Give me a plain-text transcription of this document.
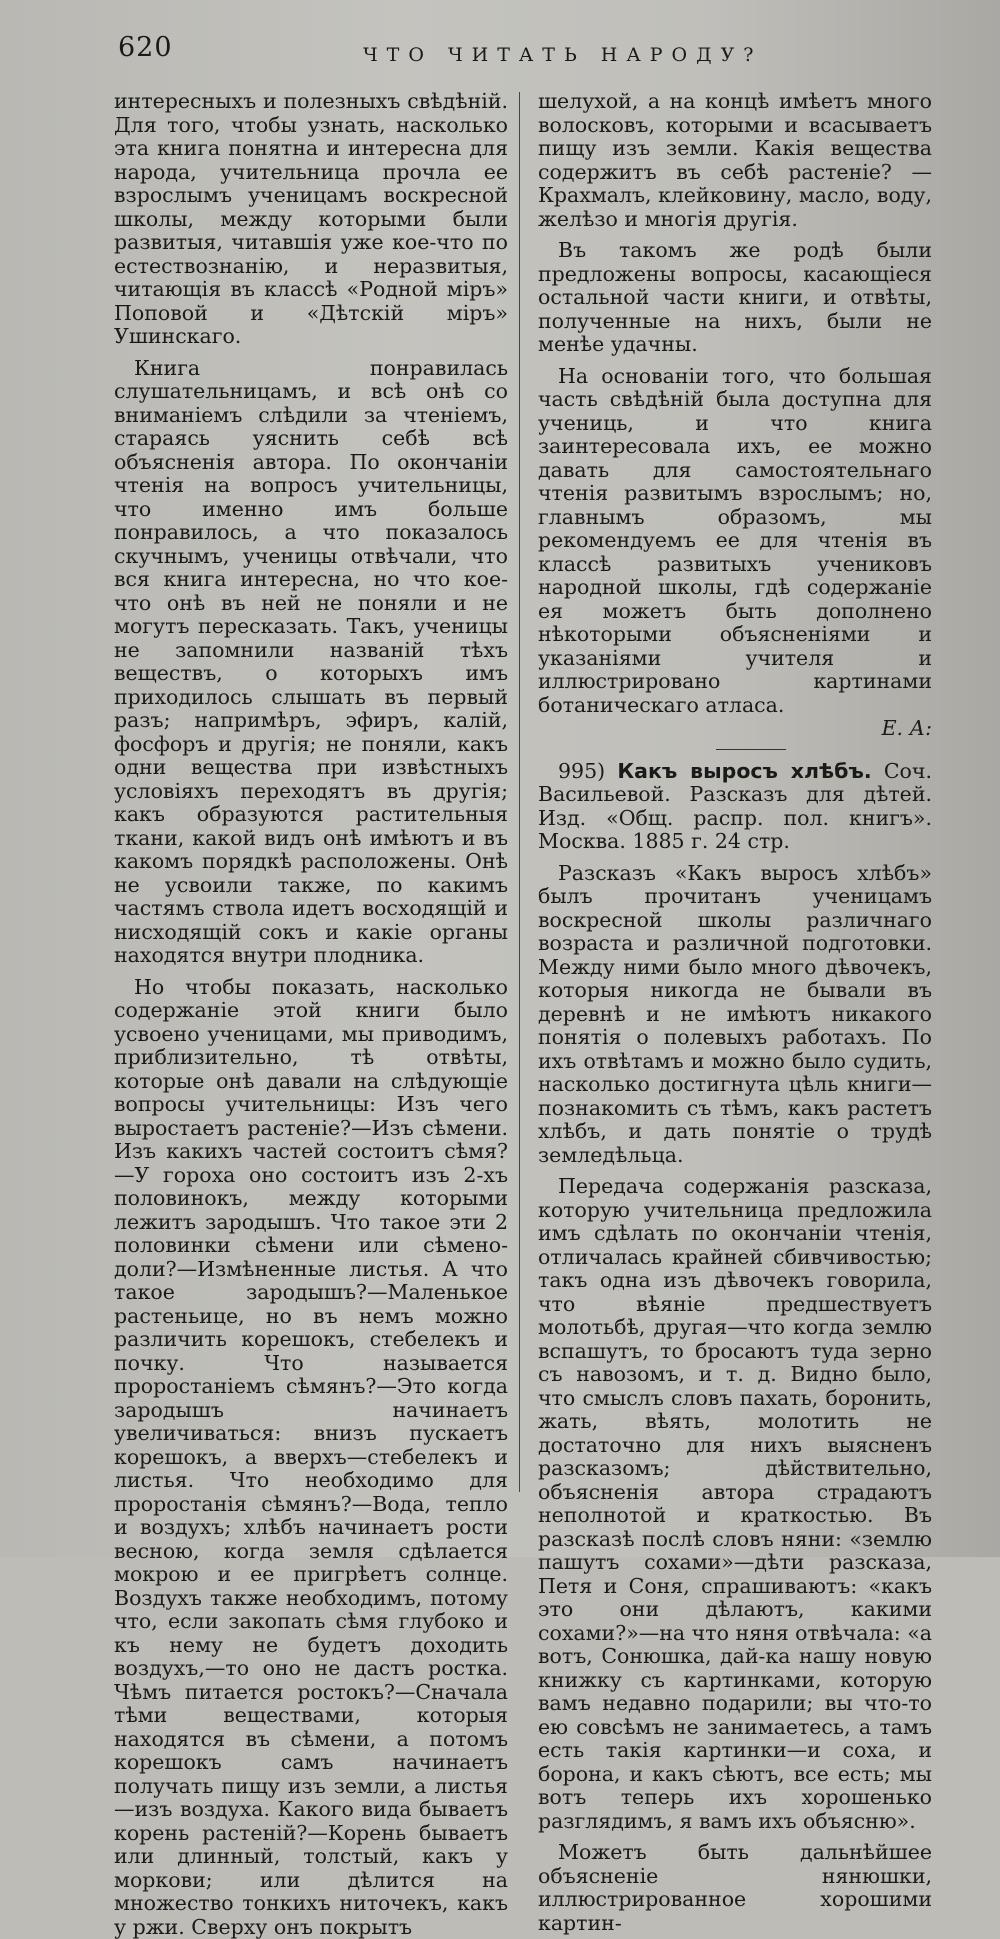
620	ЧТО ЧИТАТЬ НАРОДУ?

интересныхъ и полезныхъ свѣдѣній. Для того, чтобы узнать, насколько эта книга понятна и интересна для народа, учительница прочла ее взрослымъ ученицамъ воскресной школы, между которыми были развитыя, читавшія уже кое-что по естествознанію, и неразвитыя, читающія въ классѣ «Родной міръ» Поповой и «Дѣтскій міръ» Ушинскаго.

Книга понравилась слушательницамъ, и всѣ онѣ со вниманіемъ слѣдили за чтеніемъ, стараясь уяснить себѣ всѣ объясненія автора. По окончаніи чтенія на вопросъ учительницы, что именно имъ больше понравилось, а что показалось скучнымъ, ученицы отвѣчали, что вся книга интересна, но что кое-что онѣ въ ней не поняли и не могутъ пересказать. Такъ, ученицы не запомнили названій тѣхъ веществъ, о которыхъ имъ приходилось слышать въ первый разъ; напримѣръ, эфиръ, калій, фосфоръ и другія; не поняли, какъ одни вещества при извѣстныхъ условіяхъ переходятъ въ другія; какъ образуются растительныя ткани, какой видъ онѣ имѣютъ и въ какомъ порядкѣ расположены. Онѣ не усвоили также, по какимъ частямъ ствола идетъ восходящій и нисходящій сокъ и какіе органы находятся внутри плодника.

Но чтобы показать, насколько содержаніе этой книги было усвоено ученицами, мы приводимъ, приблизительно, тѣ отвѣты, которые онѣ давали на слѣдующіе вопросы учительницы: Изъ чего выростаетъ растеніе?—Изъ сѣмени. Изъ какихъ частей состоитъ сѣмя?—У гороха оно состоитъ изъ 2-хъ половинокъ, между которыми лежитъ зародышъ. Что такое эти 2 половинки сѣмени или сѣмено-доли?—Измѣненные листья. А что такое зародышъ?—Маленькое растеньице, но въ немъ можно различить корешокъ, стебелекъ и почку. Что называется проростаніемъ сѣмянъ?—Это когда зародышъ начинаетъ увеличиваться: внизъ пускаетъ корешокъ, а вверхъ—стебелекъ и листья. Что необходимо для проростанія сѣмянъ?—Вода, тепло и воздухъ; хлѣбъ начинаетъ рости весною, когда земля сдѣлается мокрою и ее пригрѣетъ солнце. Воздухъ также необходимъ, потому что, если закопать сѣмя глубоко и къ нему не будетъ доходить воздухъ,—то оно не дастъ ростка. Чѣмъ питается ростокъ?—Сначала тѣми веществами, которыя находятся въ сѣмени, а потомъ корешокъ самъ начинаетъ получать пищу изъ земли, а листья—изъ воздуха. Какого вида бываетъ корень растеній?—Корень бываетъ или длинный, толстый, какъ у моркови; или дѣлится на множество тонкихъ ниточекъ, какъ у ржи. Сверху онъ покрытъ

шелухой, а на концѣ имѣетъ много волосковъ, которыми и всасываетъ пищу изъ земли. Какія вещества содержитъ въ себѣ растеніе? — Крахмалъ, клейковину, масло, воду, желѣзо и многія другія.

Въ такомъ же родѣ были предложены вопросы, касающіеся остальной части книги, и отвѣты, полученные на нихъ, были не менѣе удачны.

На основаніи того, что большая часть свѣдѣній была доступна для учениць, и что книга заинтересовала ихъ, ее можно давать для самостоятельнаго чтенія развитымъ взрослымъ; но, главнымъ образомъ, мы рекомендуемъ ее для чтенія въ классѣ развитыхъ учениковъ народной школы, гдѣ содержаніе ея можетъ быть дополнено нѣкоторыми объясненіями и указаніями учителя и иллюстрировано картинами ботаническаго атласа.

Е. А:

995) Какъ выросъ хлѣбъ. Соч. Васильевой. Разсказъ для дѣтей. Изд. «Общ. распр. пол. книгъ». Москва. 1885 г. 24 стр.

Разсказъ «Какъ выросъ хлѣбъ» былъ прочитанъ ученицамъ воскресной школы различнаго возраста и различной подготовки. Между ними было много дѣвочекъ, которыя никогда не бывали въ деревнѣ и не имѣютъ никакого понятія о полевыхъ работахъ. По ихъ отвѣтамъ и можно было судить, насколько достигнута цѣль книги—познакомить съ тѣмъ, какъ растетъ хлѣбъ, и дать понятіе о трудѣ земледѣльца.

Передача содержанія разсказа, которую учительница предложила имъ сдѣлать по окончаніи чтенія, отличалась крайней сбивчивостью; такъ одна изъ дѣвочекъ говорила, что вѣяніе предшествуетъ молотьбѣ, другая—что когда землю вспашутъ, то бросаютъ туда зерно съ навозомъ, и т. д. Видно было, что смыслъ словъ пахать, боронить, жать, вѣять, молотить не достаточно для нихъ выясненъ разсказомъ; дѣйствительно, объясненія автора страдаютъ неполнотой и краткостью. Въ разсказѣ послѣ словъ няни: «землю пашутъ сохами»—дѣти разсказа, Петя и Соня, спрашиваютъ: «какъ это они дѣлаютъ, какими сохами?»—на что няня отвѣчала: «а вотъ, Сонюшка, дай-ка нашу новую книжку съ картинками, которую вамъ недавно подарили; вы что-то ею совсѣмъ не занимаетесь, а тамъ есть такія картинки—и соха, и борона, и какъ сѣютъ, все есть; мы вотъ теперь ихъ хорошенько разглядимъ, я вамъ ихъ объясню».

Можетъ быть дальнѣйшее объясненіе нянюшки, иллюстрированное хорошими картин-
